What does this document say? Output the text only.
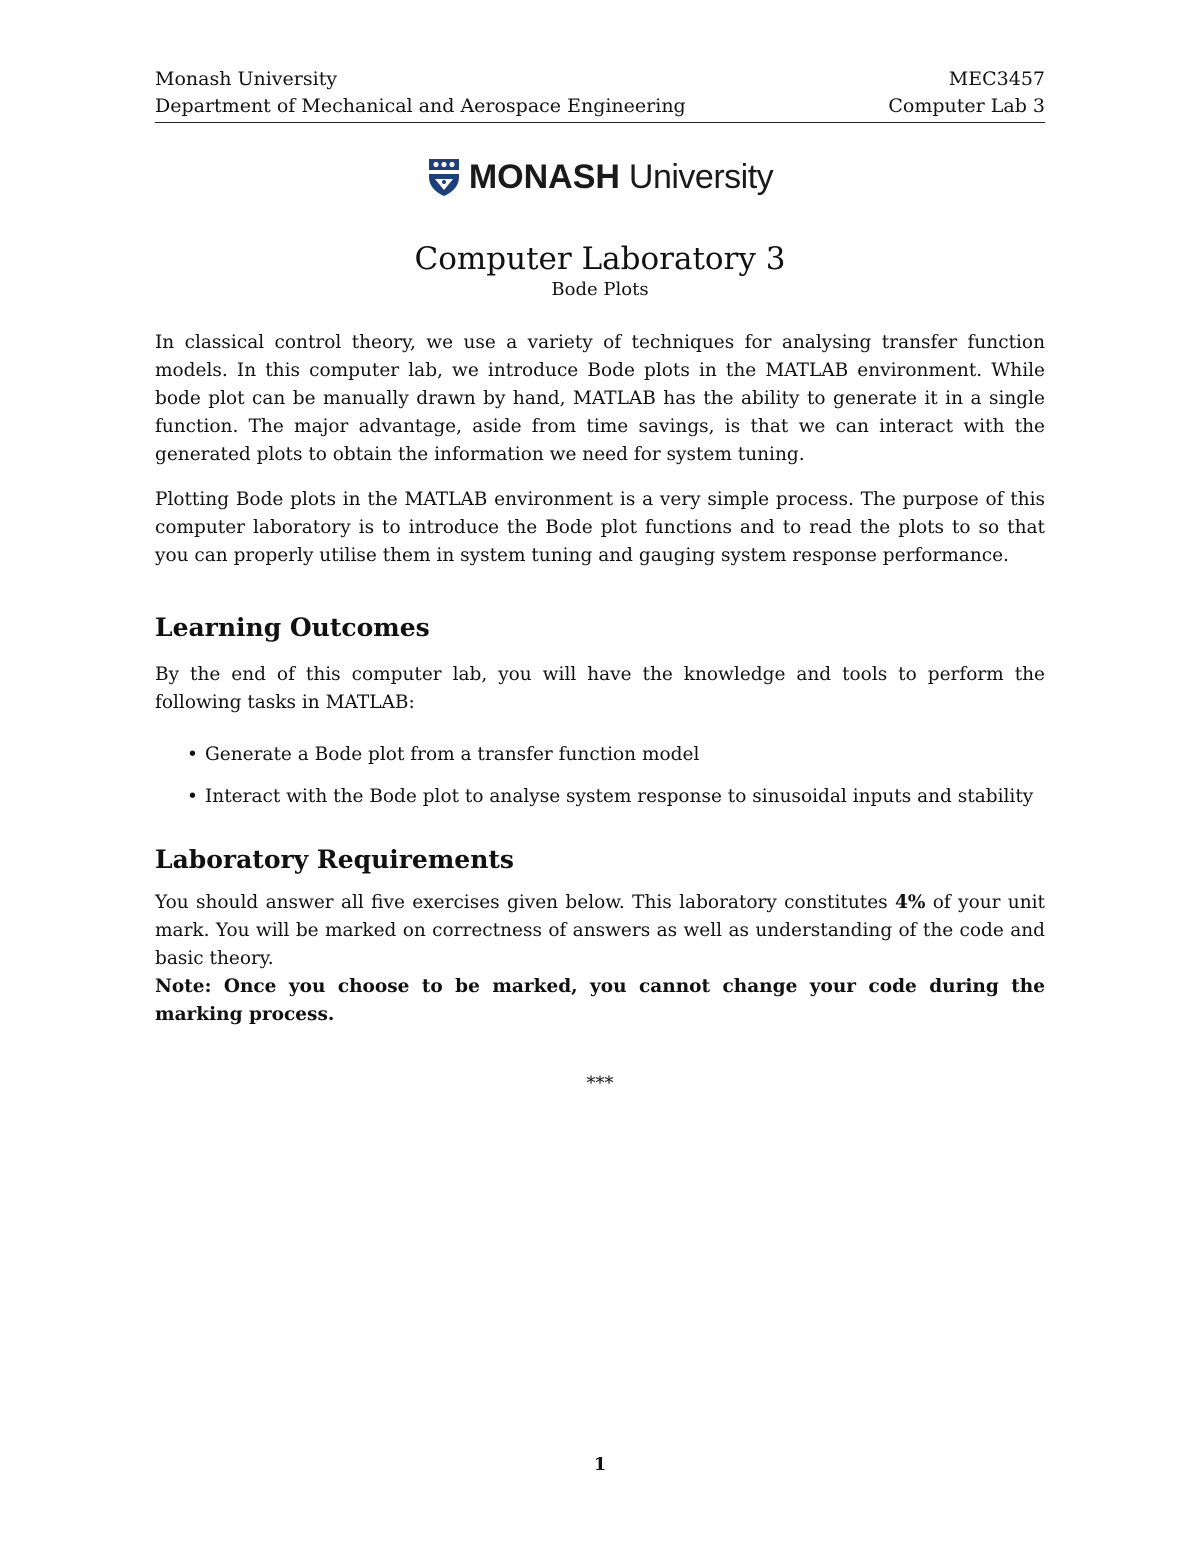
Monash University	MEC3457
Department of Mechanical and Aerospace Engineering	Computer Lab 3
MONASH University
Computer Laboratory 3
Bode Plots

In classical control theory, we use a variety of techniques for analysing transfer function models. In this computer lab, we introduce Bode plots in the MATLAB environment. While bode plot can be manually drawn by hand, MATLAB has the ability to generate it in a single function. The major advantage, aside from time savings, is that we can interact with the generated plots to obtain the information we need for system tuning.

Plotting Bode plots in the MATLAB environment is a very simple process. The purpose of this computer laboratory is to introduce the Bode plot functions and to read the plots to so that you can properly utilise them in system tuning and gauging system response performance.

Learning Outcomes

By the end of this computer lab, you will have the knowledge and tools to perform the following tasks in MATLAB:

• Generate a Bode plot from a transfer function model
• Interact with the Bode plot to analyse system response to sinusoidal inputs and stability
Laboratory Requirements

You should answer all five exercises given below. This laboratory constitutes 4% of your unit mark. You will be marked on correctness of answers as well as understanding of the code and basic theory.
Note: Once you choose to be marked, you cannot change your code during the marking process.

***
1
